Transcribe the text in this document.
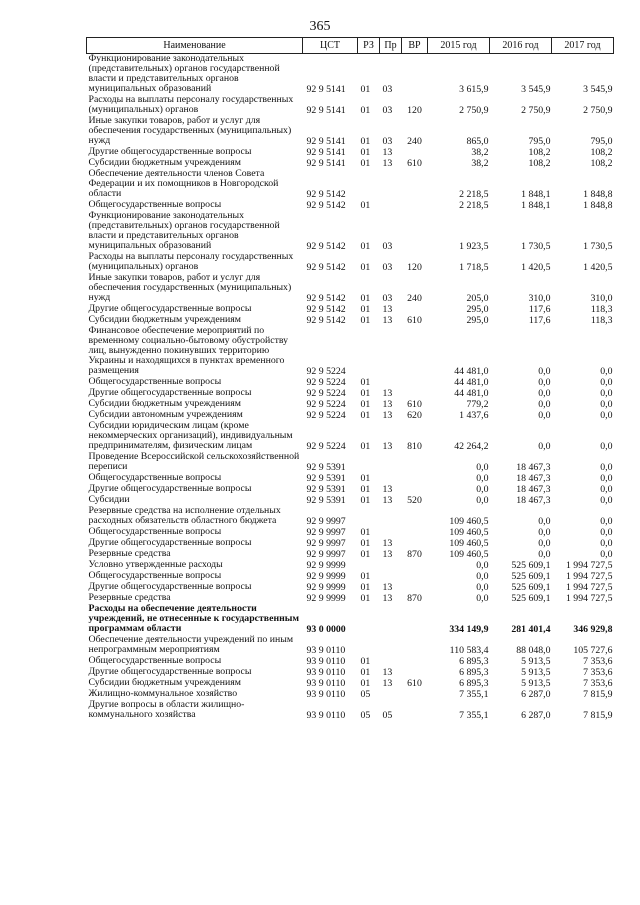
365
Наименование	ЦСТ	РЗ	Пр	ВР	2015 год	2016 год	2017 год
Функционирование законодательных (представительных) органов государственной власти и представительных органов муниципальных образований	92 9 5141	01	03		3 615,9	3 545,9	3 545,9
Расходы на выплаты персоналу государственных (муниципальных) органов	92 9 5141	01	03	120	2 750,9	2 750,9	2 750,9
Иные закупки товаров, работ и услуг для обеспечения государственных (муниципальных) нужд	92 9 5141	01	03	240	865,0	795,0	795,0
Другие общегосударственные вопросы	92 9 5141	01	13		38,2	108,2	108,2
Субсидии бюджетным учреждениям	92 9 5141	01	13	610	38,2	108,2	108,2
Обеспечение деятельности членов Совета Федерации и их помощников в Новгородской области	92 9 5142				2 218,5	1 848,1	1 848,8
Общегосударственные вопросы	92 9 5142	01			2 218,5	1 848,1	1 848,8
Функционирование законодательных (представительных) органов государственной власти и представительных органов муниципальных образований	92 9 5142	01	03		1 923,5	1 730,5	1 730,5
Расходы на выплаты персоналу государственных (муниципальных) органов	92 9 5142	01	03	120	1 718,5	1 420,5	1 420,5
Иные закупки товаров, работ и услуг для обеспечения государственных (муниципальных) нужд	92 9 5142	01	03	240	205,0	310,0	310,0
Другие общегосударственные вопросы	92 9 5142	01	13		295,0	117,6	118,3
Субсидии бюджетным учреждениям	92 9 5142	01	13	610	295,0	117,6	118,3
Финансовое обеспечение мероприятий по временному социально-бытовому обустройству лиц, вынужденно покинувших территорию Украины и находящихся в пунктах временного размещения	92 9 5224				44 481,0	0,0	0,0
Общегосударственные вопросы	92 9 5224	01			44 481,0	0,0	0,0
Другие общегосударственные вопросы	92 9 5224	01	13		44 481,0	0,0	0,0
Субсидии бюджетным учреждениям	92 9 5224	01	13	610	779,2	0,0	0,0
Субсидии автономным учреждениям	92 9 5224	01	13	620	1 437,6	0,0	0,0
Субсидии юридическим лицам (кроме некоммерческих организаций), индивидуальным предпринимателям, физическим лицам	92 9 5224	01	13	810	42 264,2	0,0	0,0
Проведение Всероссийской сельскохозяйственной переписи	92 9 5391				0,0	18 467,3	0,0
Общегосударственные вопросы	92 9 5391	01			0,0	18 467,3	0,0
Другие общегосударственные вопросы	92 9 5391	01	13		0,0	18 467,3	0,0
Субсидии	92 9 5391	01	13	520	0,0	18 467,3	0,0
Резервные средства на исполнение отдельных расходных обязательств областного бюджета	92 9 9997				109 460,5	0,0	0,0
Общегосударственные вопросы	92 9 9997	01			109 460,5	0,0	0,0
Другие общегосударственные вопросы	92 9 9997	01	13		109 460,5	0,0	0,0
Резервные средства	92 9 9997	01	13	870	109 460,5	0,0	0,0
Условно утвержденные расходы	92 9 9999				0,0	525 609,1	1 994 727,5
Общегосударственные вопросы	92 9 9999	01			0,0	525 609,1	1 994 727,5
Другие общегосударственные вопросы	92 9 9999	01	13		0,0	525 609,1	1 994 727,5
Резервные средства	92 9 9999	01	13	870	0,0	525 609,1	1 994 727,5
Расходы на обеспечение деятельности учреждений, не отнесенные к государственным программам области	93 0 0000				334 149,9	281 401,4	346 929,8
Обеспечение деятельности учреждений по иным непрограммным мероприятиям	93 9 0110				110 583,4	88 048,0	105 727,6
Общегосударственные вопросы	93 9 0110	01			6 895,3	5 913,5	7 353,6
Другие общегосударственные вопросы	93 9 0110	01	13		6 895,3	5 913,5	7 353,6
Субсидии бюджетным учреждениям	93 9 0110	01	13	610	6 895,3	5 913,5	7 353,6
Жилищно-коммунальное хозяйство	93 9 0110	05			7 355,1	6 287,0	7 815,9
Другие вопросы в области жилищно-коммунального хозяйства	93 9 0110	05	05		7 355,1	6 287,0	7 815,9
